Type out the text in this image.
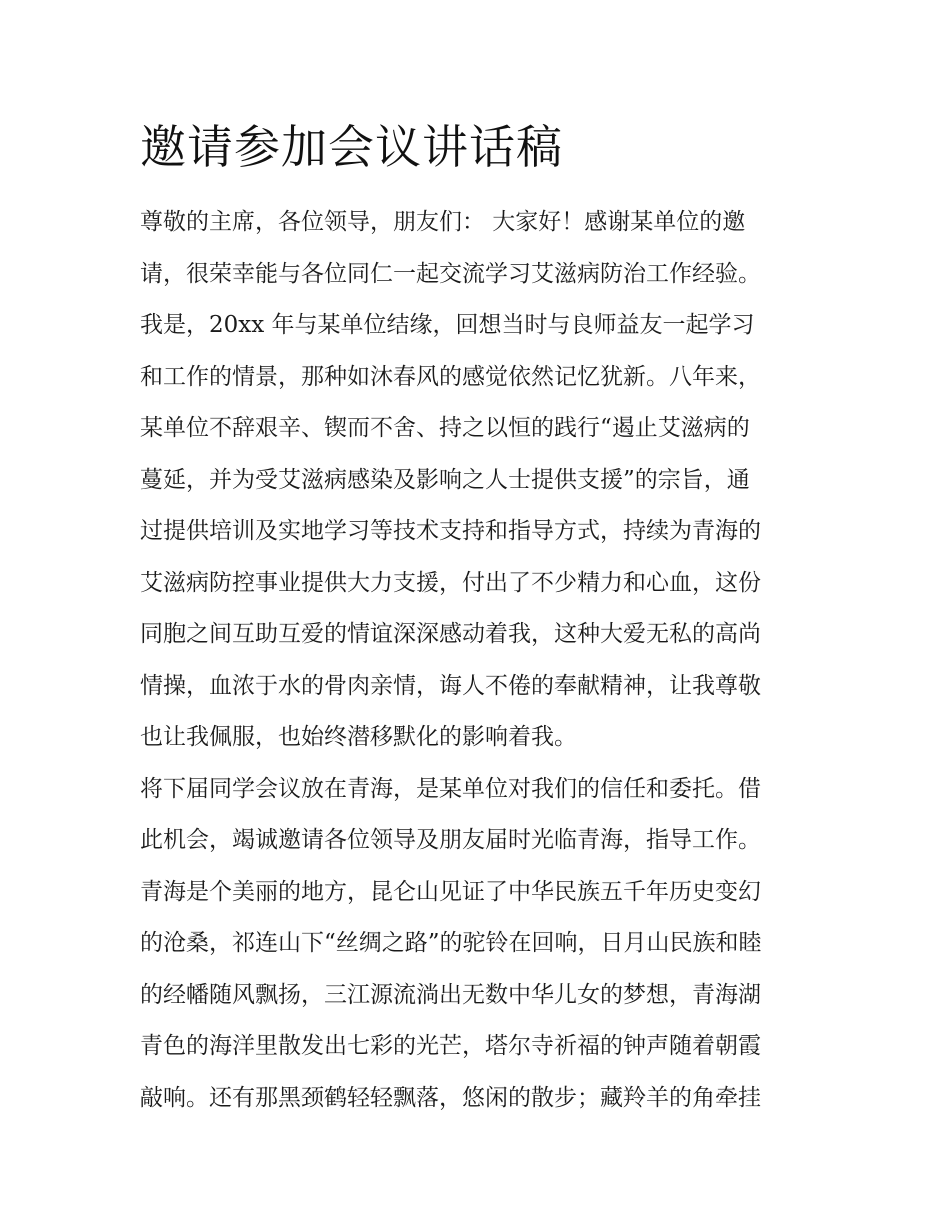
邀请参加会议讲话稿
尊敬的主席，各位领导，朋友们： 大家好！感谢某单位的邀
请，很荣幸能与各位同仁一起交流学习艾滋病防治工作经验。
我是，20xx 年与某单位结缘，回想当时与良师益友一起学习
和工作的情景，那种如沐春风的感觉依然记忆犹新。八年来，
某单位不辞艰辛、锲而不舍、持之以恒的践行“遏止艾滋病的
蔓延，并为受艾滋病感染及影响之人士提供支援”的宗旨，通
过提供培训及实地学习等技术支持和指导方式，持续为青海的
艾滋病防控事业提供大力支援，付出了不少精力和心血，这份
同胞之间互助互爱的情谊深深感动着我，这种大爱无私的高尚
情操，血浓于水的骨肉亲情，诲人不倦的奉献精神，让我尊敬
也让我佩服，也始终潜移默化的影响着我。
将下届同学会议放在青海，是某单位对我们的信任和委托。借
此机会，竭诚邀请各位领导及朋友届时光临青海，指导工作。
青海是个美丽的地方，昆仑山见证了中华民族五千年历史变幻
的沧桑，祁连山下“丝绸之路”的驼铃在回响，日月山民族和睦
的经幡随风飘扬，三江源流淌出无数中华儿女的梦想，青海湖
青色的海洋里散发出七彩的光芒，塔尔寺祈福的钟声随着朝霞
敲响。还有那黑颈鹤轻轻飘落，悠闲的散步；藏羚羊的角牵挂
